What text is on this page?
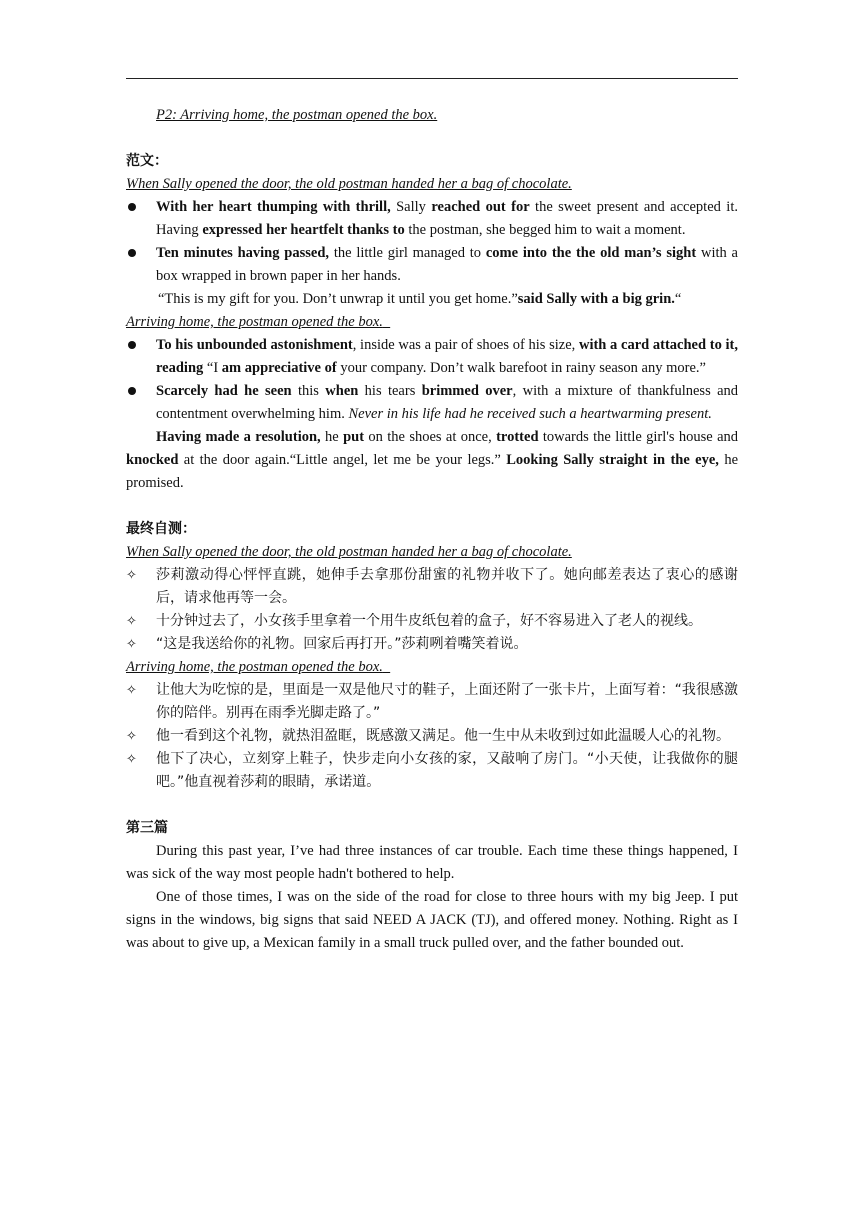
P2: Arriving home, the postman opened the box.

范文：

When Sally opened the door, the old postman handed her a bag of chocolate.

With her heart thumping with thrill, Sally reached out for the sweet present and accepted it. Having expressed her heartfelt thanks to the postman, she begged him to wait a moment.
Ten minutes having passed, the little girl managed to come into the the old man’s sight with a box wrapped in brown paper in her hands.

“This is my gift for you. Don’t unwrap it until you get home.”said Sally with a big grin.“

Arriving home, the postman opened the box.

To his unbounded astonishment, inside was a pair of shoes of his size, with a card attached to it, reading “I am appreciative of your company. Don’t walk barefoot in rainy season any more.”
Scarcely had he seen this when his tears brimmed over, with a mixture of thankfulness and contentment overwhelming him. Never in his life had he received such a heartwarming present.

Having made a resolution, he put on the shoes at once, trotted towards the little girl's house and knocked at the door again.“Little angel, let me be your legs.” Looking Sally straight in the eye, he promised.

最终自测：

When Sally opened the door, the old postman handed her a bag of chocolate.

✧	莎莉激动得心怦怦直跳，她伸手去拿那份甜蜜的礼物并收下了。她向邮差表达了衷心的感谢后，请求他再等一会。
✧	十分钟过去了，小女孩手里拿着一个用牛皮纸包着的盒子，好不容易进入了老人的视线。
✧	“这是我送给你的礼物。回家后再打开。”莎莉咧着嘴笑着说。

Arriving home, the postman opened the box.

✧	让他大为吃惊的是，里面是一双是他尺寸的鞋子，上面还附了一张卡片，上面写着：“我很感激你的陪伴。别再在雨季光脚走路了。”
✧	他一看到这个礼物，就热泪盈眶，既感激又满足。他一生中从未收到过如此温暖人心的礼物。
✧	他下了决心，立刻穿上鞋子，快步走向小女孩的家，又敲响了房门。“小天使，让我做你的腿吧。”他直视着莎莉的眼睛，承诺道。

第三篇

During this past year, I’ve had three instances of car trouble. Each time these things happened, I was sick of the way most people hadn't bothered to help.

One of those times, I was on the side of the road for close to three hours with my big Jeep. I put signs in the windows, big signs that said NEED A JACK (TJ), and offered money. Nothing. Right as I was about to give up, a Mexican family in a small truck pulled over, and the father bounded out.
